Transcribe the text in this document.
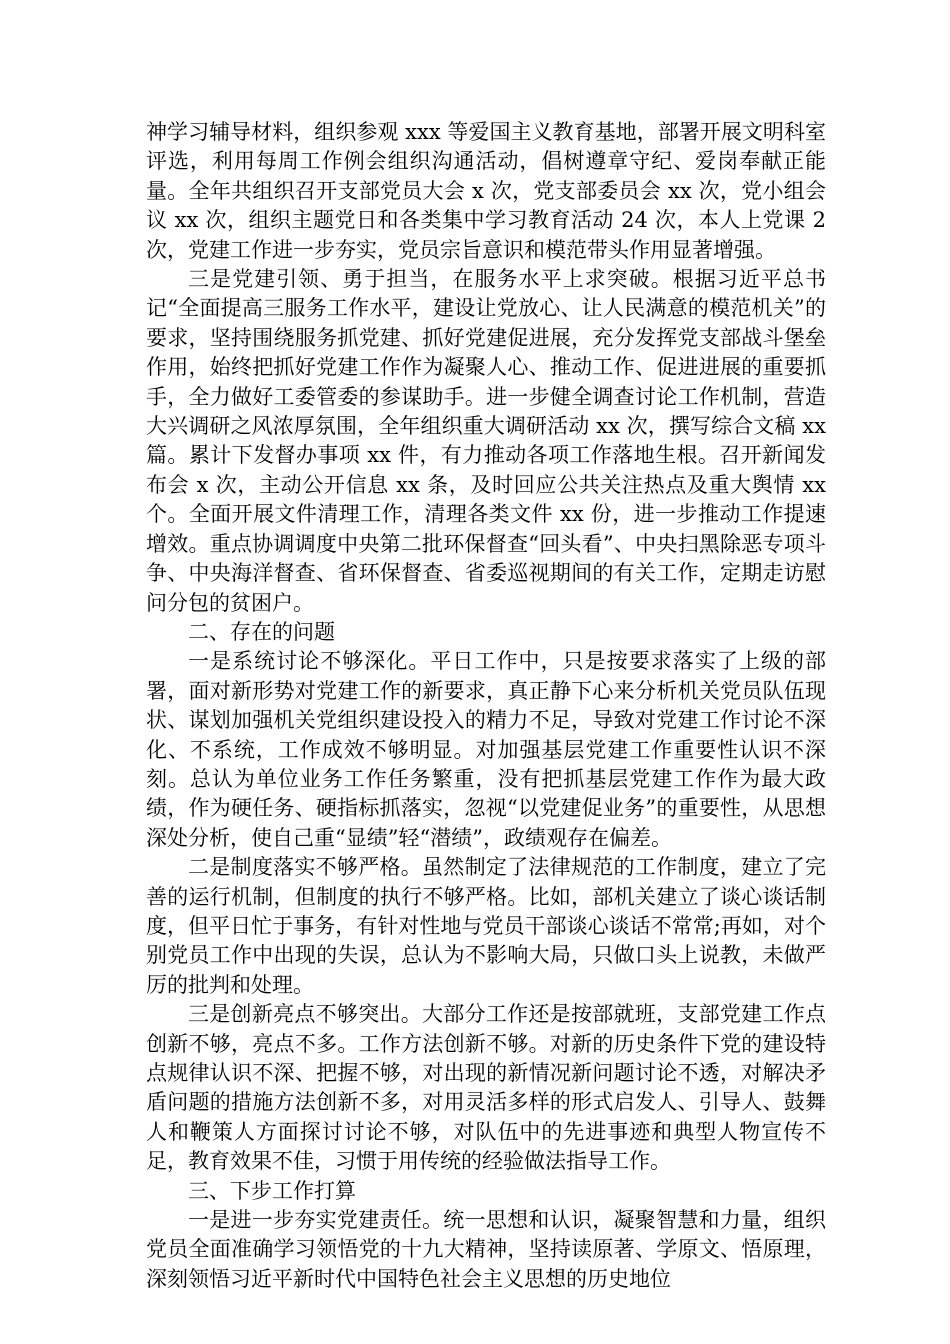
神学习辅导材料，组织参观 xxx 等爱国主义教育基地，部署开展文明科室评选，利用每周工作例会组织沟通活动，倡树遵章守纪、爱岗奉献正能量。全年共组织召开支部党员大会 x 次，党支部委员会 xx 次，党小组会议 xx 次，组织主题党日和各类集中学习教育活动 24 次，本人上党课 2 次，党建工作进一步夯实，党员宗旨意识和模范带头作用显著增强。

三是党建引领、勇于担当，在服务水平上求突破。根据习近平总书记“全面提高三服务工作水平，建设让党放心、让人民满意的模范机关”的要求，坚持围绕服务抓党建、抓好党建促进展，充分发挥党支部战斗堡垒作用，始终把抓好党建工作作为凝聚人心、推动工作、促进进展的重要抓手，全力做好工委管委的参谋助手。进一步健全调查讨论工作机制，营造大兴调研之风浓厚氛围，全年组织重大调研活动 xx 次，撰写综合文稿 xx 篇。累计下发督办事项 xx 件，有力推动各项工作落地生根。召开新闻发布会 x 次，主动公开信息 xx 条，及时回应公共关注热点及重大舆情 xx 个。全面开展文件清理工作，清理各类文件 xx 份，进一步推动工作提速增效。重点协调调度中央第二批环保督查“回头看”、中央扫黑除恶专项斗争、中央海洋督查、省环保督查、省委巡视期间的有关工作，定期走访慰问分包的贫困户。

二、存在的问题

一是系统讨论不够深化。平日工作中，只是按要求落实了上级的部署，面对新形势对党建工作的新要求，真正静下心来分析机关党员队伍现状、谋划加强机关党组织建设投入的精力不足，导致对党建工作讨论不深化、不系统，工作成效不够明显。对加强基层党建工作重要性认识不深刻。总认为单位业务工作任务繁重，没有把抓基层党建工作作为最大政绩，作为硬任务、硬指标抓落实，忽视“以党建促业务”的重要性，从思想深处分析，使自己重“显绩”轻“潜绩”，政绩观存在偏差。

二是制度落实不够严格。虽然制定了法律规范的工作制度，建立了完善的运行机制，但制度的执行不够严格。比如，部机关建立了谈心谈话制度，但平日忙于事务，有针对性地与党员干部谈心谈话不常常;再如，对个别党员工作中出现的失误，总认为不影响大局，只做口头上说教，未做严厉的批判和处理。

三是创新亮点不够突出。大部分工作还是按部就班，支部党建工作点创新不够，亮点不多。工作方法创新不够。对新的历史条件下党的建设特点规律认识不深、把握不够，对出现的新情况新问题讨论不透，对解决矛盾问题的措施方法创新不多，对用灵活多样的形式启发人、引导人、鼓舞人和鞭策人方面探讨讨论不够，对队伍中的先进事迹和典型人物宣传不足，教育效果不佳，习惯于用传统的经验做法指导工作。

三、下步工作打算

一是进一步夯实党建责任。统一思想和认识，凝聚智慧和力量，组织党员全面准确学习领悟党的十九大精神，坚持读原著、学原文、悟原理，深刻领悟习近平新时代中国特色社会主义思想的历史地位
